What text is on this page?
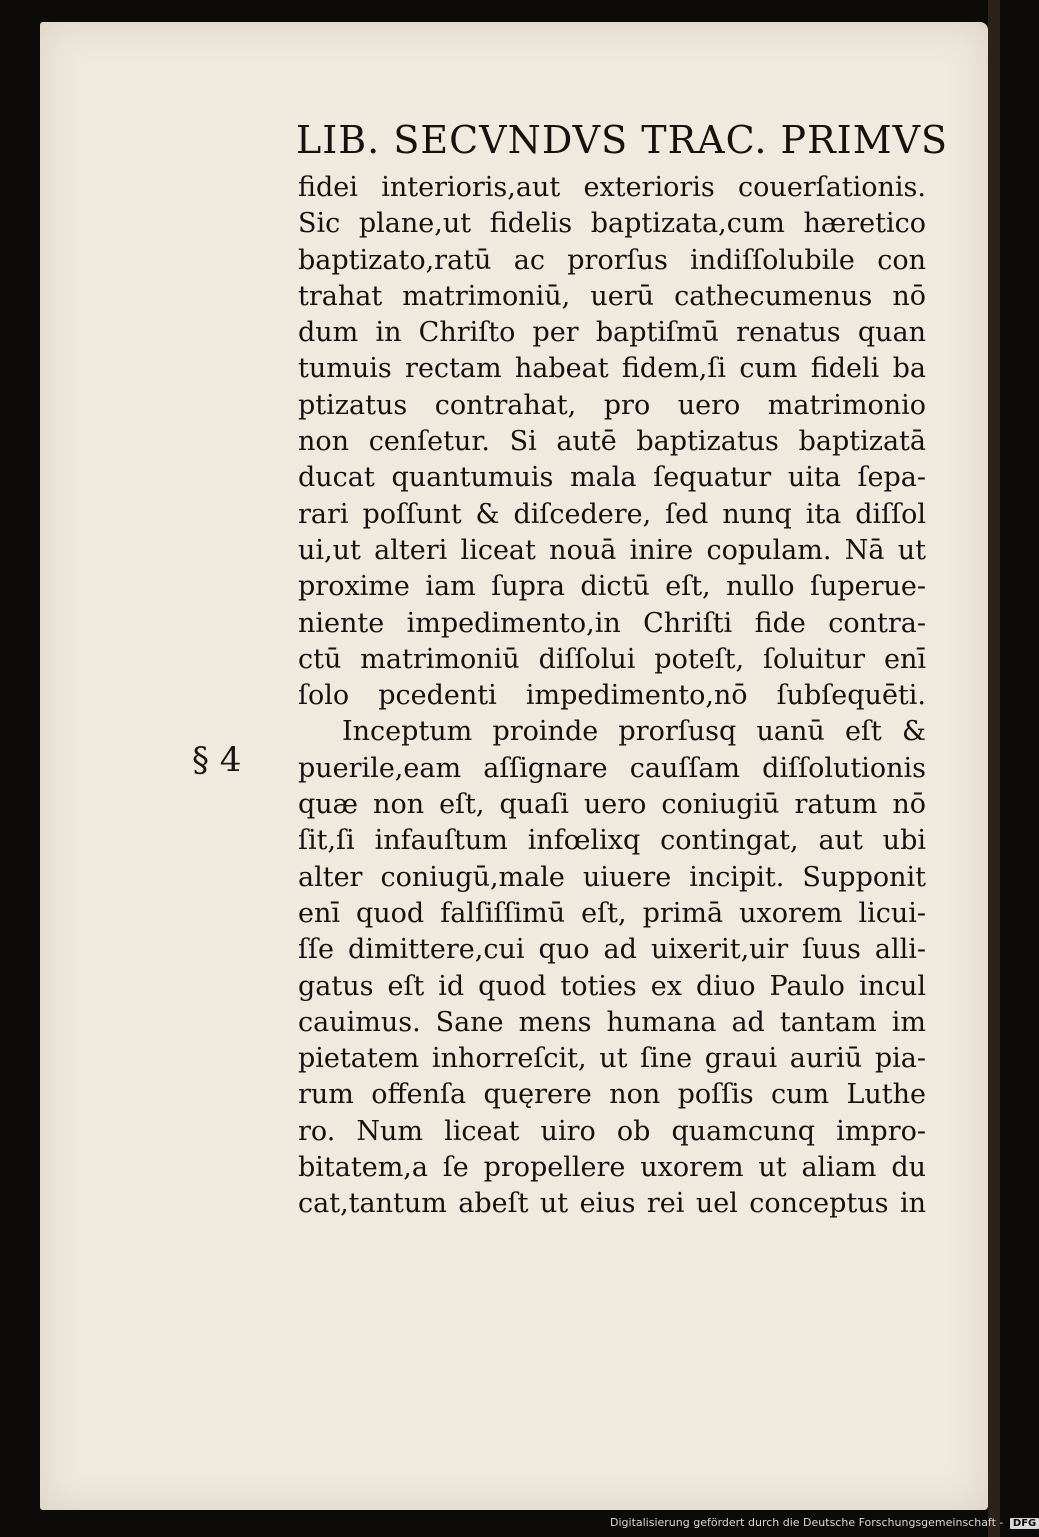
LIB. SECVNDVS TRAC. PRIMVS
§ 4
fidei interioris,aut exterioris couerſationis.
Sic plane,ut fidelis baptizata,cum hæretico
baptizato,ratū ac prorſus indiſſolubile con
trahat matrimoniū, uerū cathecumenus nō
dum in Chriſto per baptiſmū renatus quan
tumuis rectam habeat fidem,ſi cum fideli ba
ptizatus contrahat, pro uero matrimonio
non cenſetur. Si autē baptizatus baptizatā
ducat quantumuis mala ſequatur uita ſepa-
rari poſſunt & diſcedere, ſed nunq ita diſſol
ui,ut alteri liceat nouā inire copulam. Nā ut
proxime iam ſupra dictū eſt, nullo ſuperue-
niente impedimento,in Chriſti fide contra-
ctū matrimoniū diſſolui poteſt, ſoluitur enī
ſolo pcedenti impedimento,nō ſubſequēti.
Inceptum proinde prorſusq uanū eſt &
puerile,eam aſſignare cauſſam diſſolutionis
quæ non eſt, quaſi uero coniugiū ratum nō
ſit,ſi infauſtum infœlixq contingat, aut ubi
alter coniugū,male uiuere incipit. Supponit
enī quod falſiſſimū eſt, primā uxorem licui-
ſſe dimittere,cui quo ad uixerit,uir ſuus alli-
gatus eſt id quod toties ex diuo Paulo incul
cauimus. Sane mens humana ad tantam im
pietatem inhorreſcit, ut ſine graui auriū pia-
rum offenſa quęrere non poſſis cum Luthe
ro. Num liceat uiro ob quamcunq impro-
bitatem,a ſe propellere uxorem ut aliam du
cat,tantum abeſt ut eius rei uel conceptus in
Digitalisierung gefördert durch die Deutsche Forschungsgemeinschaft - DFG
